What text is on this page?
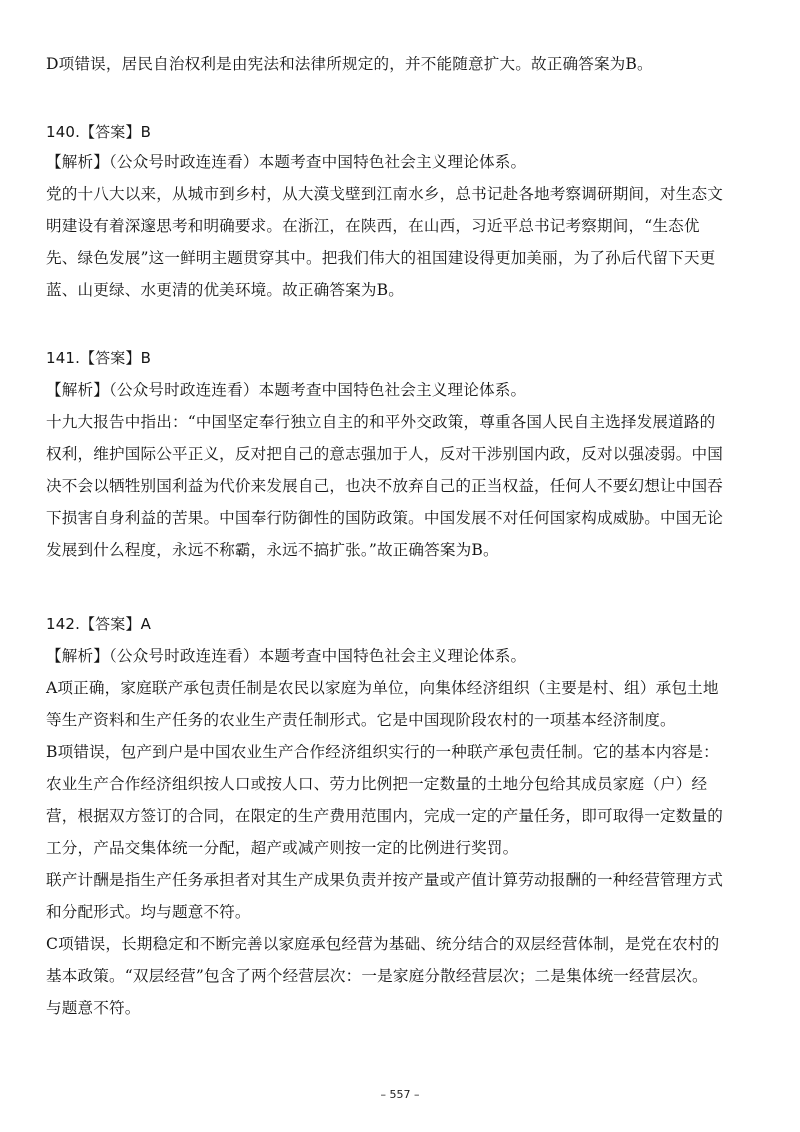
D项错误，居民自治权利是由宪法和法律所规定的，并不能随意扩大。故正确答案为B。
140.【答案】B
【解析】（公众号时政连连看）本题考查中国特色社会主义理论体系。
党的十八大以来，从城市到乡村，从大漠戈壁到江南水乡，总书记赴各地考察调研期间，对生态文
明建设有着深邃思考和明确要求。在浙江，在陕西，在山西，习近平总书记考察期间，“生态优
先、绿色发展”这一鲜明主题贯穿其中。把我们伟大的祖国建设得更加美丽，为了孙后代留下天更
蓝、山更绿、水更清的优美环境。故正确答案为B。
141.【答案】B
【解析】（公众号时政连连看）本题考查中国特色社会主义理论体系。
十九大报告中指出：“中国坚定奉行独立自主的和平外交政策，尊重各国人民自主选择发展道路的
权利，维护国际公平正义，反对把自己的意志强加于人，反对干涉别国内政，反对以强凌弱。中国
决不会以牺牲别国利益为代价来发展自己，也决不放弃自己的正当权益，任何人不要幻想让中国吞
下损害自身利益的苦果。中国奉行防御性的国防政策。中国发展不对任何国家构成威胁。中国无论
发展到什么程度，永远不称霸，永远不搞扩张。”故正确答案为B。
142.【答案】A
【解析】（公众号时政连连看）本题考查中国特色社会主义理论体系。
A项正确，家庭联产承包责任制是农民以家庭为单位，向集体经济组织（主要是村、组）承包土地
等生产资料和生产任务的农业生产责任制形式。它是中国现阶段农村的一项基本经济制度。
B项错误，包产到户是中国农业生产合作经济组织实行的一种联产承包责任制。它的基本内容是：
农业生产合作经济组织按人口或按人口、劳力比例把一定数量的土地分包给其成员家庭（户）经
营，根据双方签订的合同，在限定的生产费用范围内，完成一定的产量任务，即可取得一定数量的
工分，产品交集体统一分配，超产或减产则按一定的比例进行奖罚。
联产计酬是指生产任务承担者对其生产成果负责并按产量或产值计算劳动报酬的一种经营管理方式
和分配形式。均与题意不符。
C项错误，长期稳定和不断完善以家庭承包经营为基础、统分结合的双层经营体制，是党在农村的
基本政策。“双层经营”包含了两个经营层次：一是家庭分散经营层次；二是集体统一经营层次。
与题意不符。
– 557 –
